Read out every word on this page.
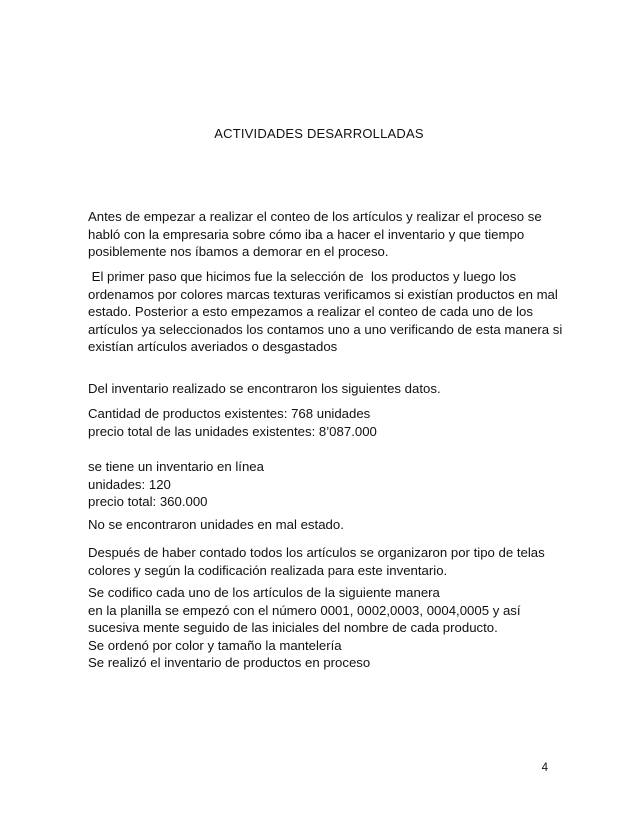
ACTIVIDADES DESARROLLADAS

Antes de empezar a realizar el conteo de los artículos y realizar el proceso se
habló con la empresaria sobre cómo iba a hacer el inventario y que tiempo
posiblemente nos íbamos a demorar en el proceso.

El primer paso que hicimos fue la selección de  los productos y luego los
ordenamos por colores marcas texturas verificamos si existían productos en mal
estado. Posterior a esto empezamos a realizar el conteo de cada uno de los
artículos ya seleccionados los contamos uno a uno verificando de esta manera si
existían artículos averiados o desgastados

Del inventario realizado se encontraron los siguientes datos.

Cantidad de productos existentes: 768 unidades
precio total de las unidades existentes: 8’087.000

se tiene un inventario en línea
unidades: 120
precio total: 360.000

No se encontraron unidades en mal estado.

Después de haber contado todos los artículos se organizaron por tipo de telas
colores y según la codificación realizada para este inventario.

Se codifico cada uno de los artículos de la siguiente manera
en la planilla se empezó con el número 0001, 0002,0003, 0004,0005 y así
sucesiva mente seguido de las iniciales del nombre de cada producto.
Se ordenó por color y tamaño la mantelería
Se realizó el inventario de productos en proceso

4
